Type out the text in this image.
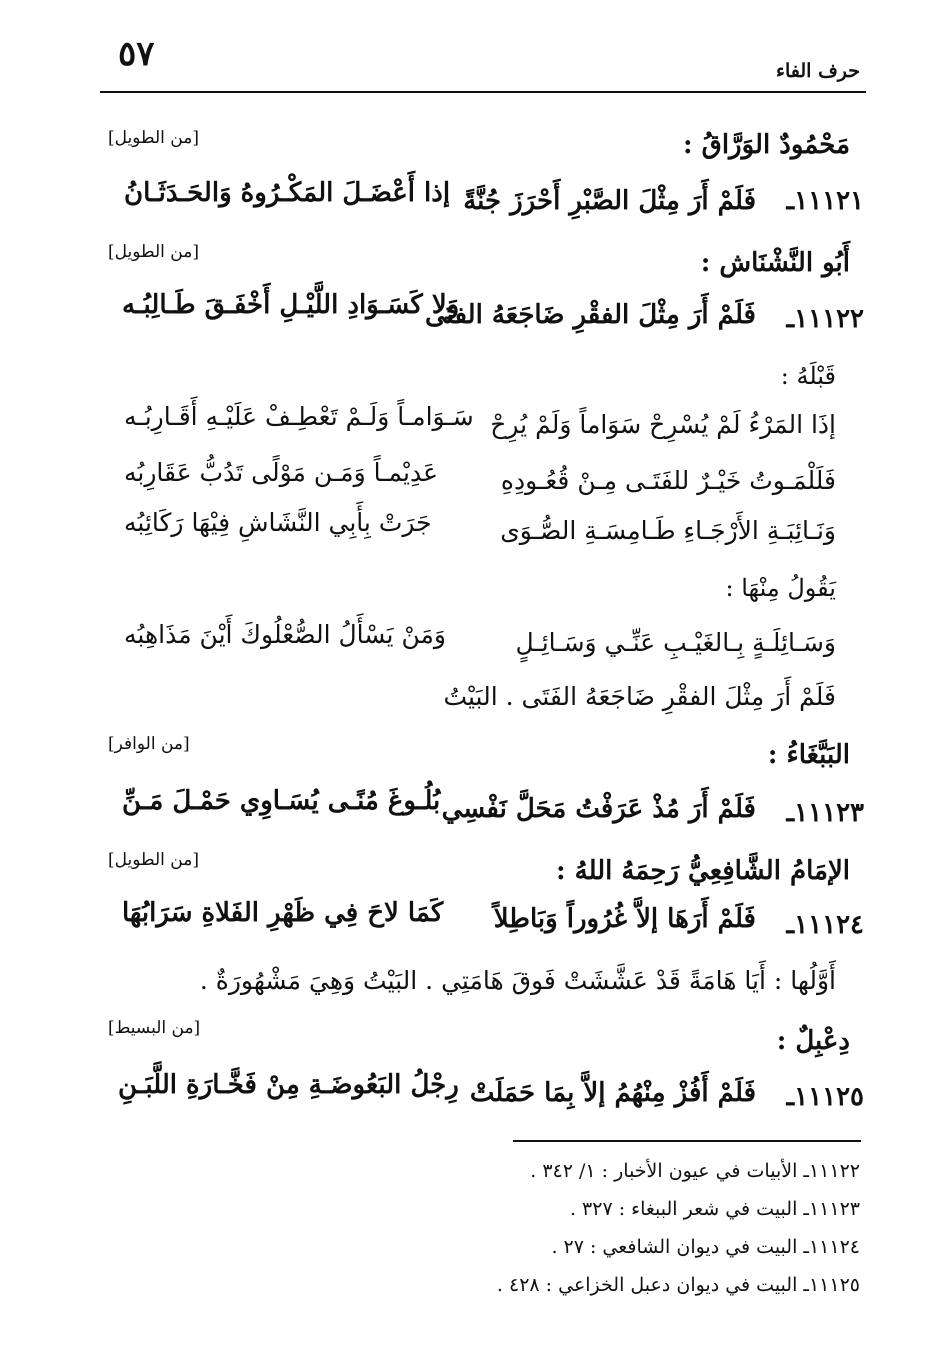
٥٧	حرف الفاء
مَحْمُودٌ الوَرَّاقُ :
[من الطويل]
١١١٢١ـ
فَلَمْ أَرَ مِثْلَ الصَّبْرِ أَحْرَزَ جُنَّةً
إذا أَعْضَـلَ المَكْـرُوهُ وَالحَـدَثَـانُ
أَبُو النَّشْنَاش :
[من الطويل]
١١١٢٢ـ
فَلَمْ أَرَ مِثْلَ الفقْرِ ضَاجَعَهُ الفتَى
وَلا كَسَـوَادِ اللَّيْـلِ أَخْفَـقَ طَـالِبُـه
قَبْلَهُ :
إذَا المَرْءُ لَمْ يُسْرِحْ سَوَاماً وَلَمْ يُرِحْ
سَـوَامـاً وَلَـمْ تَعْطِـفْ عَلَيْـهِ أَقَـارِبُـه
فَلَلْمَـوتُ خَيْـرٌ للفَتَـى مِـنْ قُعُـودِهِ
عَدِيْمـاً وَمَـن مَوْلًى تَدُبُّ عَقَارِبُه
وَنَـائِبَـةِ الأَرْجَـاءِ طَـامِسَـةِ الصُّـوَى
جَرَتْ بِأَبِي النَّشَاشِ فِيْهَا رَكَائِبُه
يَقُولُ مِنْهَا :
وَسَـائِلَـةٍ بِـالغَيْـبِ عَنِّـي وَسَـائِـلٍ
وَمَنْ يَسْأَلُ الصُّعْلُوكَ أَيْنَ مَذَاهِبُه
فَلَمْ أَرَ مِثْلَ الفقْرِ ضَاجَعَهُ الفَتَى . البَيْتُ
البَبَّغَاءُ :
[من الوافر]
١١١٢٣ـ
فَلَمْ أَرَ مُذْ عَرَفْتُ مَحَلَّ نَفْسِي
بُلُـوغَ مُنًـى يُسَـاوِي حَمْـلَ مَـنِّ
الإمَامُ الشَّافِعِيُّ رَحِمَهُ اللهُ :
[من الطويل]
١١١٢٤ـ
فَلَمْ أَرَهَا إلاَّ غُرُوراً وَبَاطِلاً
كَمَا لاحَ فِي ظَهْرِ الفَلاةِ سَرَابُهَا
أَوَّلُها : أَيَا هَامَةً قَدْ عَشَّشَتْ فَوقَ هَامَتِي . البَيْتُ وَهِيَ مَشْهُورَةٌ .
دِعْبِلٌ :
[من البسيط]
١١١٢٥ـ
فَلَمْ أَفُزْ مِنْهُمُ إلاَّ بِمَا حَمَلَتْ
رِجْلُ البَعُوضَـةِ مِنْ فَخَّـارَةِ اللَّبَـنِ
١١١٢٢ـ الأبيات في عيون الأخبار : ١/ ٣٤٢ .
١١١٢٣ـ البيت في شعر الببغاء : ٣٢٧ .
١١١٢٤ـ البيت في ديوان الشافعي : ٢٧ .
١١١٢٥ـ البيت في ديوان دعبل الخزاعي : ٤٢٨ .
